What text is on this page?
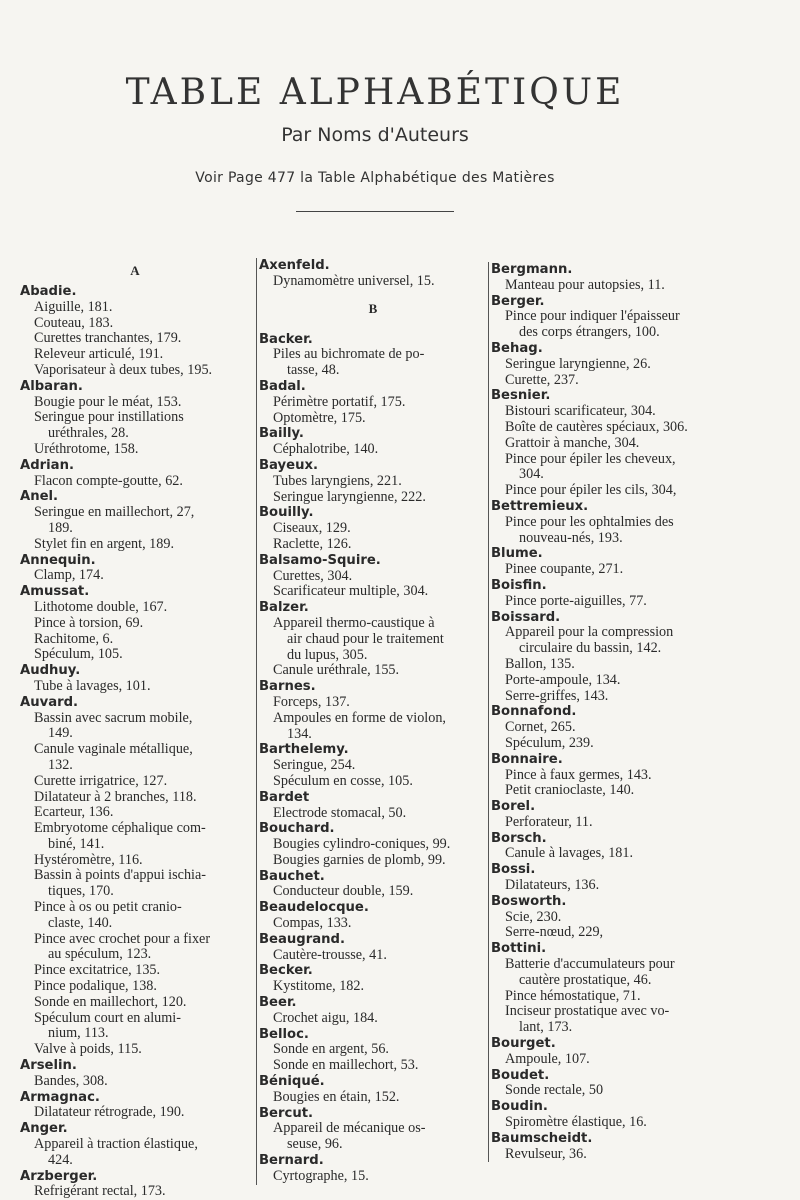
TABLE ALPHABÉTIQUE
Par Noms d'Auteurs
Voir Page 477 la Table Alphabétique des Matières
A
Abadie.
Aiguille, 181.
Couteau, 183.
Curettes tranchantes, 179.
Releveur articulé, 191.
Vaporisateur à deux tubes, 195.
Albaran.
Bougie pour le méat, 153.
Seringue pour instillations
uréthrales, 28.
Uréthrotome, 158.
Adrian.
Flacon compte-goutte, 62.
Anel.
Seringue en maillechort, 27,
189.
Stylet fin en argent, 189.
Annequin.
Clamp, 174.
Amussat.
Lithotome double, 167.
Pince à torsion, 69.
Rachitome, 6.
Spéculum, 105.
Audhuy.
Tube à lavages, 101.
Auvard.
Bassin avec sacrum mobile,
149.
Canule vaginale métallique,
132.
Curette irrigatrice, 127.
Dilatateur à 2 branches, 118.
Ecarteur, 136.
Embryotome céphalique com-
biné, 141.
Hystéromètre, 116.
Bassin à points d'appui ischia-
tiques, 170.
Pince à os ou petit cranio-
claste, 140.
Pince avec crochet pour a fixer
au spéculum, 123.
Pince excitatrice, 135.
Pince podalique, 138.
Sonde en maillechort, 120.
Spéculum court en alumi-
nium, 113.
Valve à poids, 115.
Arselin.
Bandes, 308.
Armagnac.
Dilatateur rétrograde, 190.
Anger.
Appareil à traction élastique,
424.
Arzberger.
Refrigérant rectal, 173.
Axenfeld.
Dynamomètre universel, 15.
B
Backer.
Piles au bichromate de po-
tasse, 48.
Badal.
Périmètre portatif, 175.
Optomètre, 175.
Bailly.
Céphalotribe, 140.
Bayeux.
Tubes laryngiens, 221.
Seringue laryngienne, 222.
Bouilly.
Ciseaux, 129.
Raclette, 126.
Balsamo-Squire.
Curettes, 304.
Scarificateur multiple, 304.
Balzer.
Appareil thermo-caustique à
air chaud pour le traitement
du lupus, 305.
Canule uréthrale, 155.
Barnes.
Forceps, 137.
Ampoules en forme de violon,
134.
Barthelemy.
Seringue, 254.
Spéculum en cosse, 105.
Bardet
Electrode stomacal, 50.
Bouchard.
Bougies cylindro-coniques, 99.
Bougies garnies de plomb, 99.
Bauchet.
Conducteur double, 159.
Beaudelocque.
Compas, 133.
Beaugrand.
Cautère-trousse, 41.
Becker.
Kystitome, 182.
Beer.
Crochet aigu, 184.
Belloc.
Sonde en argent, 56.
Sonde en maillechort, 53.
Béniqué.
Bougies en étain, 152.
Bercut.
Appareil de mécanique os-
seuse, 96.
Bernard.
Cyrtographe, 15.
Bergmann.
Manteau pour autopsies, 11.
Berger.
Pince pour indiquer l'épaisseur
des corps étrangers, 100.
Behag.
Seringue laryngienne, 26.
Curette, 237.
Besnier.
Bistouri scarificateur, 304.
Boîte de cautères spéciaux, 306.
Grattoir à manche, 304.
Pince pour épiler les cheveux,
304.
Pince pour épiler les cils, 304,
Bettremieux.
Pince pour les ophtalmies des
nouveau-nés, 193.
Blume.
Pinee coupante, 271.
Boisfin.
Pince porte-aiguilles, 77.
Boissard.
Appareil pour la compression
circulaire du bassin, 142.
Ballon, 135.
Porte-ampoule, 134.
Serre-griffes, 143.
Bonnafond.
Cornet, 265.
Spéculum, 239.
Bonnaire.
Pince à faux germes, 143.
Petit cranioclaste, 140.
Borel.
Perforateur, 11.
Borsch.
Canule à lavages, 181.
Bossi.
Dilatateurs, 136.
Bosworth.
Scie, 230.
Serre-nœud, 229,
Bottini.
Batterie d'accumulateurs pour
cautère prostatique, 46.
Pince hémostatique, 71.
Inciseur prostatique avec vo-
lant, 173.
Bourget.
Ampoule, 107.
Boudet.
Sonde rectale, 50
Boudin.
Spiromètre élastique, 16.
Baumscheidt.
Revulseur, 36.
